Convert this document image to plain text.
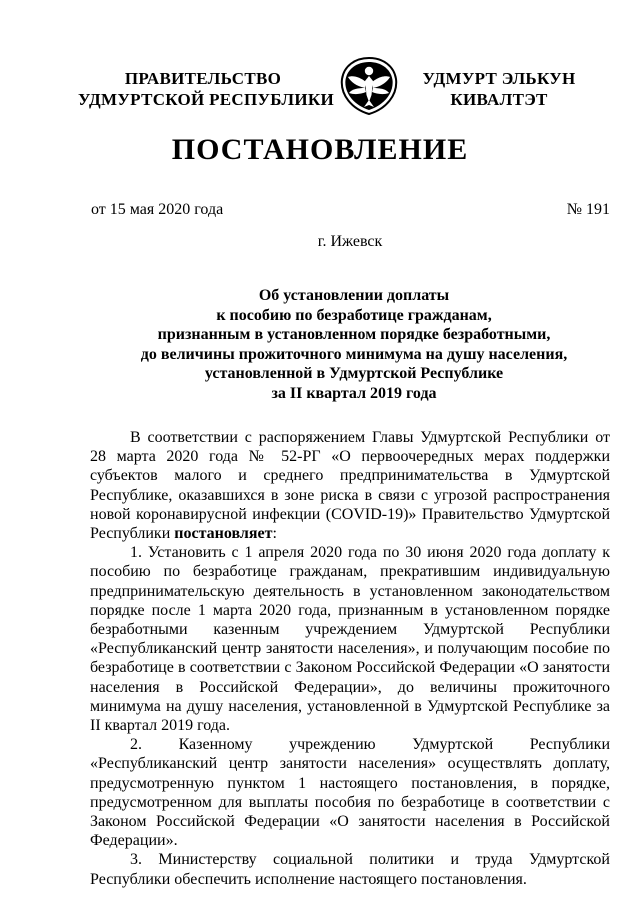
ПРАВИТЕЛЬСТВО
УДМУРТСКОЙ РЕСПУБЛИКИ
УДМУРТ ЭЛЬКУН
КИВАЛТЭТ
ПОСТАНОВЛЕНИЕ
от 15 мая 2020 года	№ 191
г. Ижевск
Об установлении доплаты
к пособию по безработице гражданам,
признанным в установленном порядке безработными,
до величины прожиточного минимума на душу населения,
установленной в Удмуртской Республике
за II квартал 2019 года

В соответствии с распоряжением Главы Удмуртской Республики от 28 марта 2020 года № 52-РГ «О первоочередных мерах поддержки субъектов малого и среднего предпринимательства в Удмуртской Республике, оказавшихся в зоне риска в связи с угрозой распространения новой коронавирусной инфекции (COVID-19)» Правительство Удмуртской Республики постановляет:

1. Установить с 1 апреля 2020 года по 30 июня 2020 года доплату к пособию по безработице гражданам, прекратившим индивидуальную предпринимательскую деятельность в установленном законодательством порядке после 1 марта 2020 года, признанным в установленном порядке безработными казенным учреждением Удмуртской Республики «Республиканский центр занятости населения», и получающим пособие по безработице в соответствии с Законом Российской Федерации «О занятости населения в Российской Федерации», до величины прожиточного минимума на душу населения, установленной в Удмуртской Республике за II квартал 2019 года.

2. Казенному учреждению Удмуртской Республики «Республиканский центр занятости населения» осуществлять доплату, предусмотренную пунктом 1 настоящего постановления, в порядке, предусмотренном для выплаты пособия по безработице в соответствии с Законом Российской Федерации «О занятости населения в Российской Федерации».

3. Министерству социальной политики и труда Удмуртской Республики обеспечить исполнение настоящего постановления.
